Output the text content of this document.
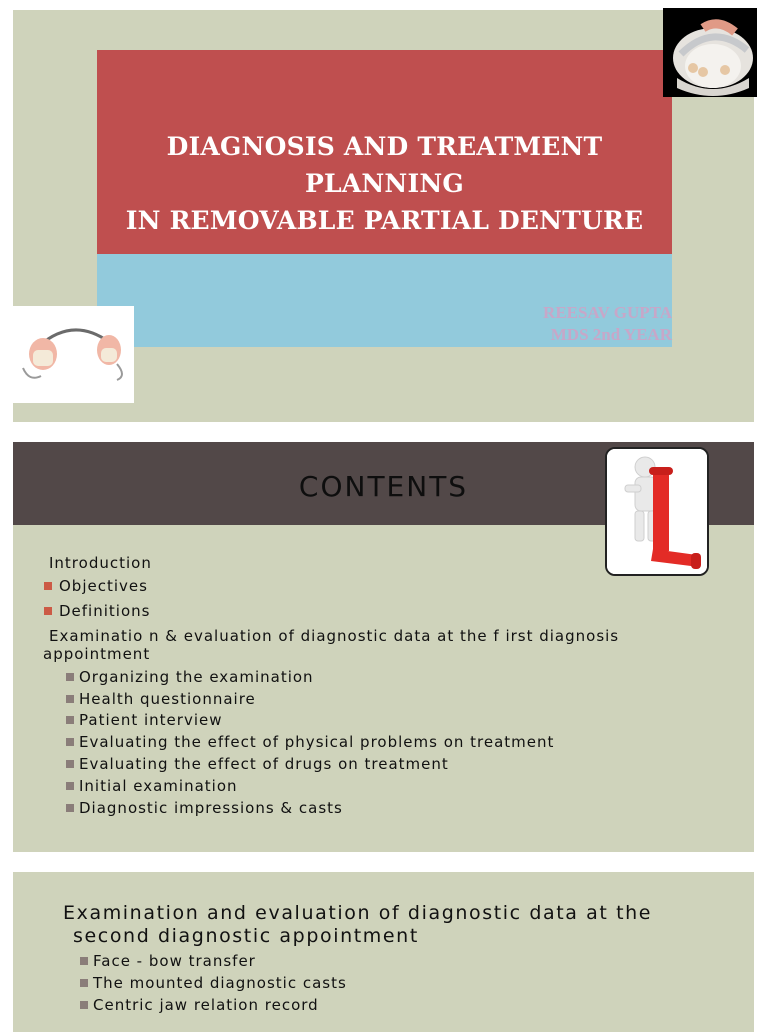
DIAGNOSIS AND TREATMENT PLANNING
IN REMOVABLE PARTIAL DENTURE
REESAV GUPTA
MDS 2nd YEAR
CONTENTS
Introduction
Objectives
Definitions
Examinatio n & evaluation of diagnostic data at the f irst diagnosis
appointment
Organizing the examination
Health questionnaire
Patient interview
Evaluating the effect of physical problems on treatment
Evaluating the effect of drugs on treatment
Initial examination
Diagnostic impressions & casts
Examination and evaluation of diagnostic data at the
second diagnostic appointment
Face - bow transfer
The mounted diagnostic casts
Centric jaw relation record
